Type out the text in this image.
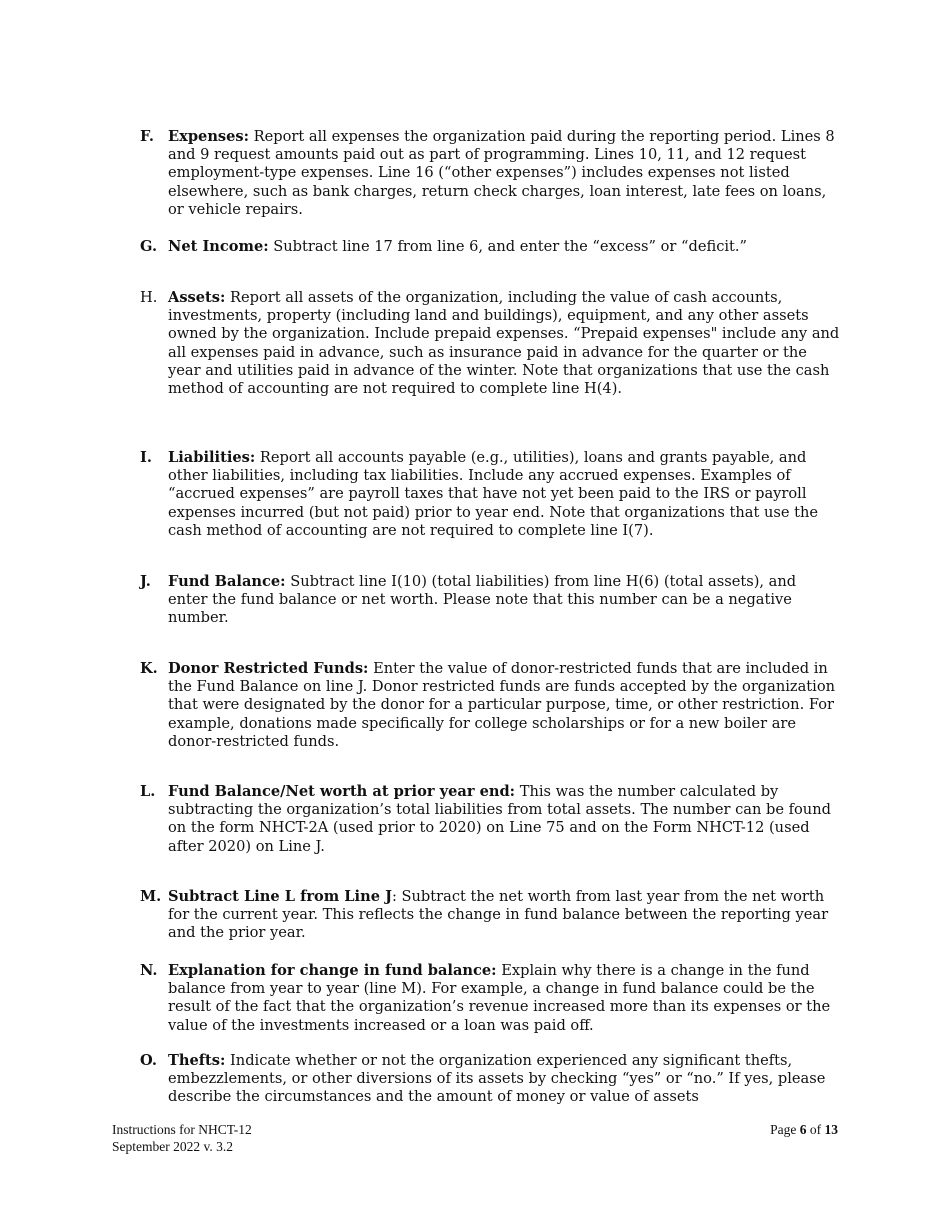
F. Expenses: Report all expenses the organization paid during the reporting period. Lines 8 and 9 request amounts paid out as part of programming. Lines 10, 11, and 12 request employment-type expenses. Line 16 (“other expenses”) includes expenses not listed elsewhere, such as bank charges, return check charges, loan interest, late fees on loans, or vehicle repairs.
G. Net Income: Subtract line 17 from line 6, and enter the “excess” or “deficit.”
H. Assets: Report all assets of the organization, including the value of cash accounts, investments, property (including land and buildings), equipment, and any other assets owned by the organization. Include prepaid expenses. “Prepaid expenses" include any and all expenses paid in advance, such as insurance paid in advance for the quarter or the year and utilities paid in advance of the winter. Note that organizations that use the cash method of accounting are not required to complete line H(4).
I.	Liabilities: Report all accounts payable (e.g., utilities), loans and grants payable, and other liabilities, including tax liabilities. Include any accrued expenses. Examples of “accrued expenses” are payroll taxes that have not yet been paid to the IRS or payroll expenses incurred (but not paid) prior to year end. Note that organizations that use the cash method of accounting are not required to complete line I(7).
J.	Fund Balance: Subtract line I(10) (total liabilities) from line H(6) (total assets), and enter the fund balance or net worth. Please note that this number can be a negative number.
K. Donor Restricted Funds: Enter the value of donor-restricted funds that are included in the Fund Balance on line J. Donor restricted funds are funds accepted by the organization that were designated by the donor for a particular purpose, time, or other restriction. For example, donations made specifically for college scholarships or for a new boiler are donor-restricted funds.
L. Fund Balance/Net worth at prior year end: This was the number calculated by subtracting the organization’s total liabilities from total assets. The number can be found on the form NHCT-2A (used prior to 2020) on Line 75 and on the Form NHCT-12 (used after 2020) on Line J.
M. Subtract Line L from Line J: Subtract the net worth from last year from the net worth for the current year. This reflects the change in fund balance between the reporting year and the prior year.
N. Explanation for change in fund balance: Explain why there is a change in the fund balance from year to year (line M). For example, a change in fund balance could be the result of the fact that the organization’s revenue increased more than its expenses or the value of the investments increased or a loan was paid off.
O. Thefts: Indicate whether or not the organization experienced any significant thefts, embezzlements, or other diversions of its assets by checking “yes” or “no.” If yes, please describe the circumstances and the amount of money or value of assets
Instructions for NHCT-12
September 2022 v. 3.2
Page 6 of 13
